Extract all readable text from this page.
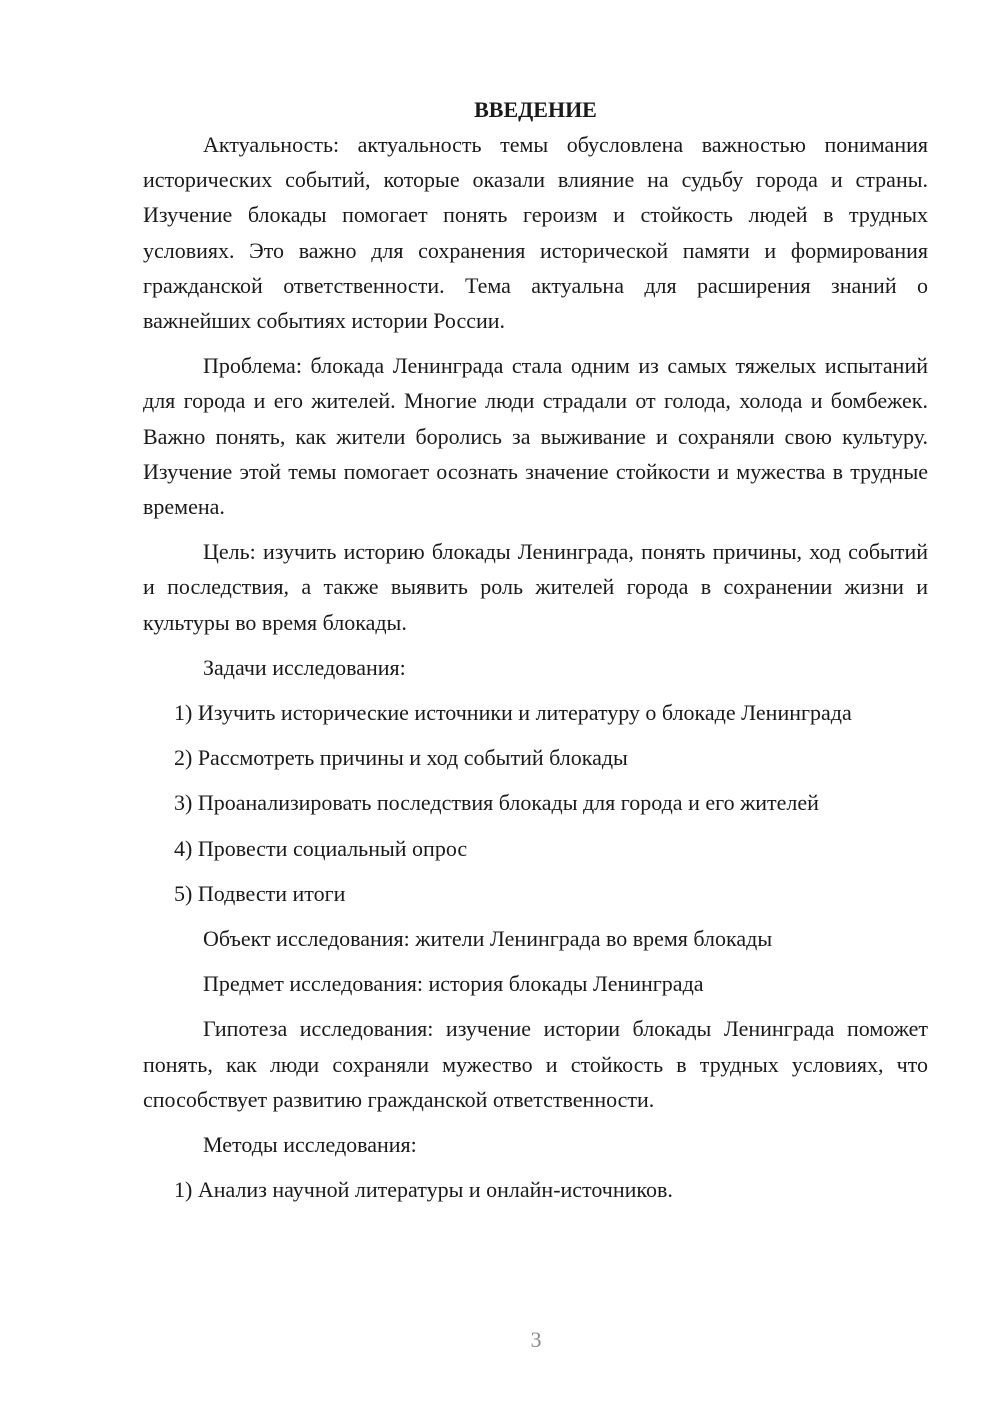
ВВЕДЕНИЕ

Актуальность: актуальность темы обусловлена важностью понимания исторических событий, которые оказали влияние на судьбу города и страны. Изучение блокады помогает понять героизм и стойкость людей в трудных условиях. Это важно для сохранения исторической памяти и формирования гражданской ответственности. Тема актуальна для расширения знаний о важнейших событиях истории России.

Проблема: блокада Ленинграда стала одним из самых тяжелых испытаний для города и его жителей. Многие люди страдали от голода, холода и бомбежек. Важно понять, как жители боролись за выживание и сохраняли свою культуру. Изучение этой темы помогает осознать значение стойкости и мужества в трудные времена.

Цель: изучить историю блокады Ленинграда, понять причины, ход событий и последствия, а также выявить роль жителей города в сохранении жизни и культуры во время блокады.

Задачи исследования:

1) Изучить исторические источники и литературу о блокаде Ленинграда

2) Рассмотреть причины и ход событий блокады

3) Проанализировать последствия блокады для города и его жителей

4) Провести социальный опрос

5) Подвести итоги

Объект исследования: жители Ленинграда во время блокады

Предмет исследования: история блокады Ленинграда

Гипотеза исследования: изучение истории блокады Ленинграда поможет понять, как люди сохраняли мужество и стойкость в трудных условиях, что способствует развитию гражданской ответственности.

Методы исследования:

1) Анализ научной литературы и онлайн-источников.

3
